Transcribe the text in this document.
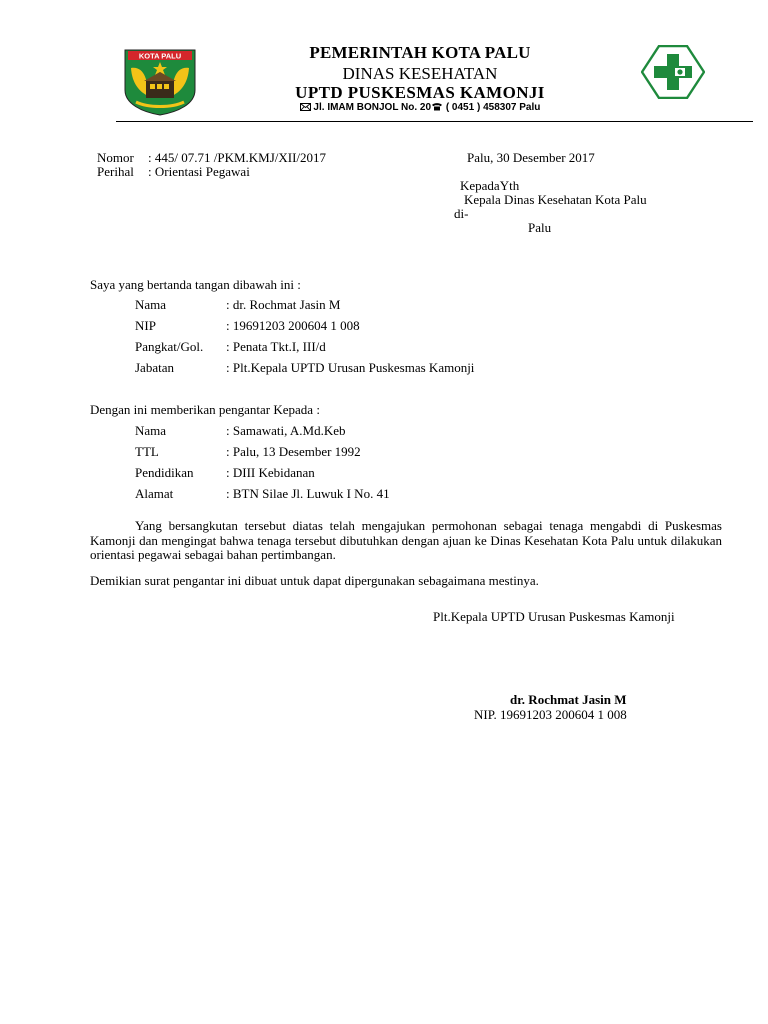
KOTA PALU	PEMERINTAH KOTA PALU
DINAS KESEHATAN
UPTD PUSKESMAS KAMONJI
Jl. IMAM BONJOL No. 20 ( 0451 ) 458307 Palu
Nomor : 445/ 07.71 /PKM.KMJ/XII/2017
Perihal : Orientasi Pegawai
Palu, 30 Desember 2017
KepadaYth
Kepala Dinas Kesehatan Kota Palu
di-
Palu
Saya yang bertanda tangan dibawah ini :
Nama	: dr. Rochmat Jasin M
NIP	: 19691203 200604 1 008
Pangkat/Gol. : Penata Tkt.I, III/d
Jabatan	: Plt.Kepala UPTD Urusan Puskesmas Kamonji
Dengan ini memberikan pengantar Kepada :
Nama	: Samawati, A.Md.Keb
TTL	: Palu, 13 Desember 1992
Pendidikan	: DIII Kebidanan
Alamat	: BTN Silae Jl. Luwuk I No. 41
Yang bersangkutan tersebut diatas telah mengajukan permohonan sebagai tenaga mengabdi di Puskesmas Kamonji dan mengingat bahwa tenaga tersebut dibutuhkan dengan ajuan ke Dinas Kesehatan Kota Palu untuk dilakukan orientasi pegawai sebagai bahan pertimbangan.
Demikian surat pengantar ini dibuat untuk dapat dipergunakan sebagaimana mestinya.
Plt.Kepala UPTD Urusan Puskesmas Kamonji
dr. Rochmat Jasin M
NIP. 19691203 200604 1 008
